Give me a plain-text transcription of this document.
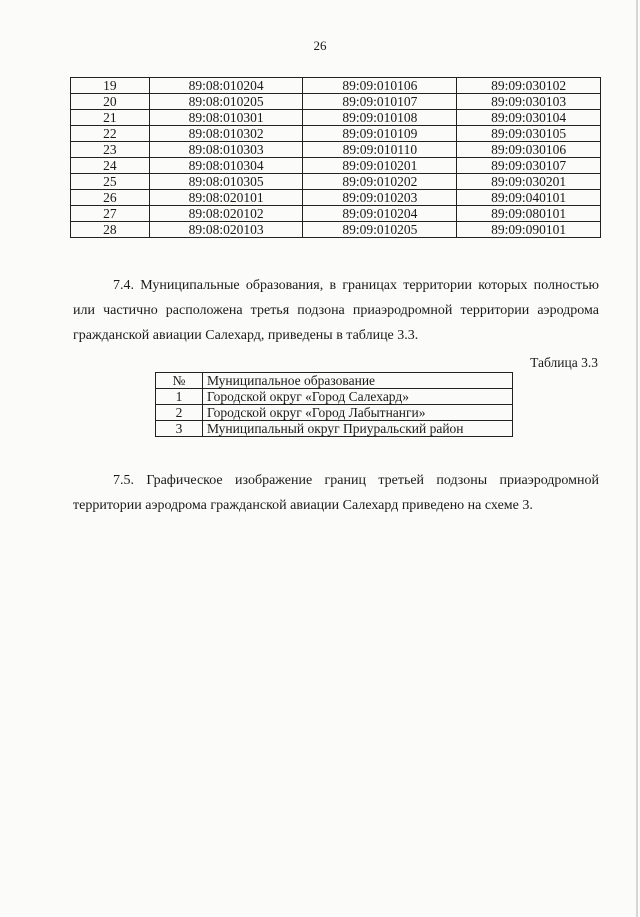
26
19	89:08:010204	89:09:010106	89:09:030102
20	89:08:010205	89:09:010107	89:09:030103
21	89:08:010301	89:09:010108	89:09:030104
22	89:08:010302	89:09:010109	89:09:030105
23	89:08:010303	89:09:010110	89:09:030106
24	89:08:010304	89:09:010201	89:09:030107
25	89:08:010305	89:09:010202	89:09:030201
26	89:08:020101	89:09:010203	89:09:040101
27	89:08:020102	89:09:010204	89:09:080101
28	89:08:020103	89:09:010205	89:09:090101

7.4. Муниципальные образования, в границах территории которых полностью или частично расположена третья подзона приаэродромной территории аэродрома гражданской авиации Салехард, приведены в таблице 3.3.

Таблица 3.3
№	Муниципальное образование
1	Городской округ «Город Салехард»
2	Городской округ «Город Лабытнанги»
3	Муниципальный округ Приуральский район

7.5. Графическое изображение границ третьей подзоны приаэродромной территории аэродрома гражданской авиации Салехард приведено на схеме 3.
